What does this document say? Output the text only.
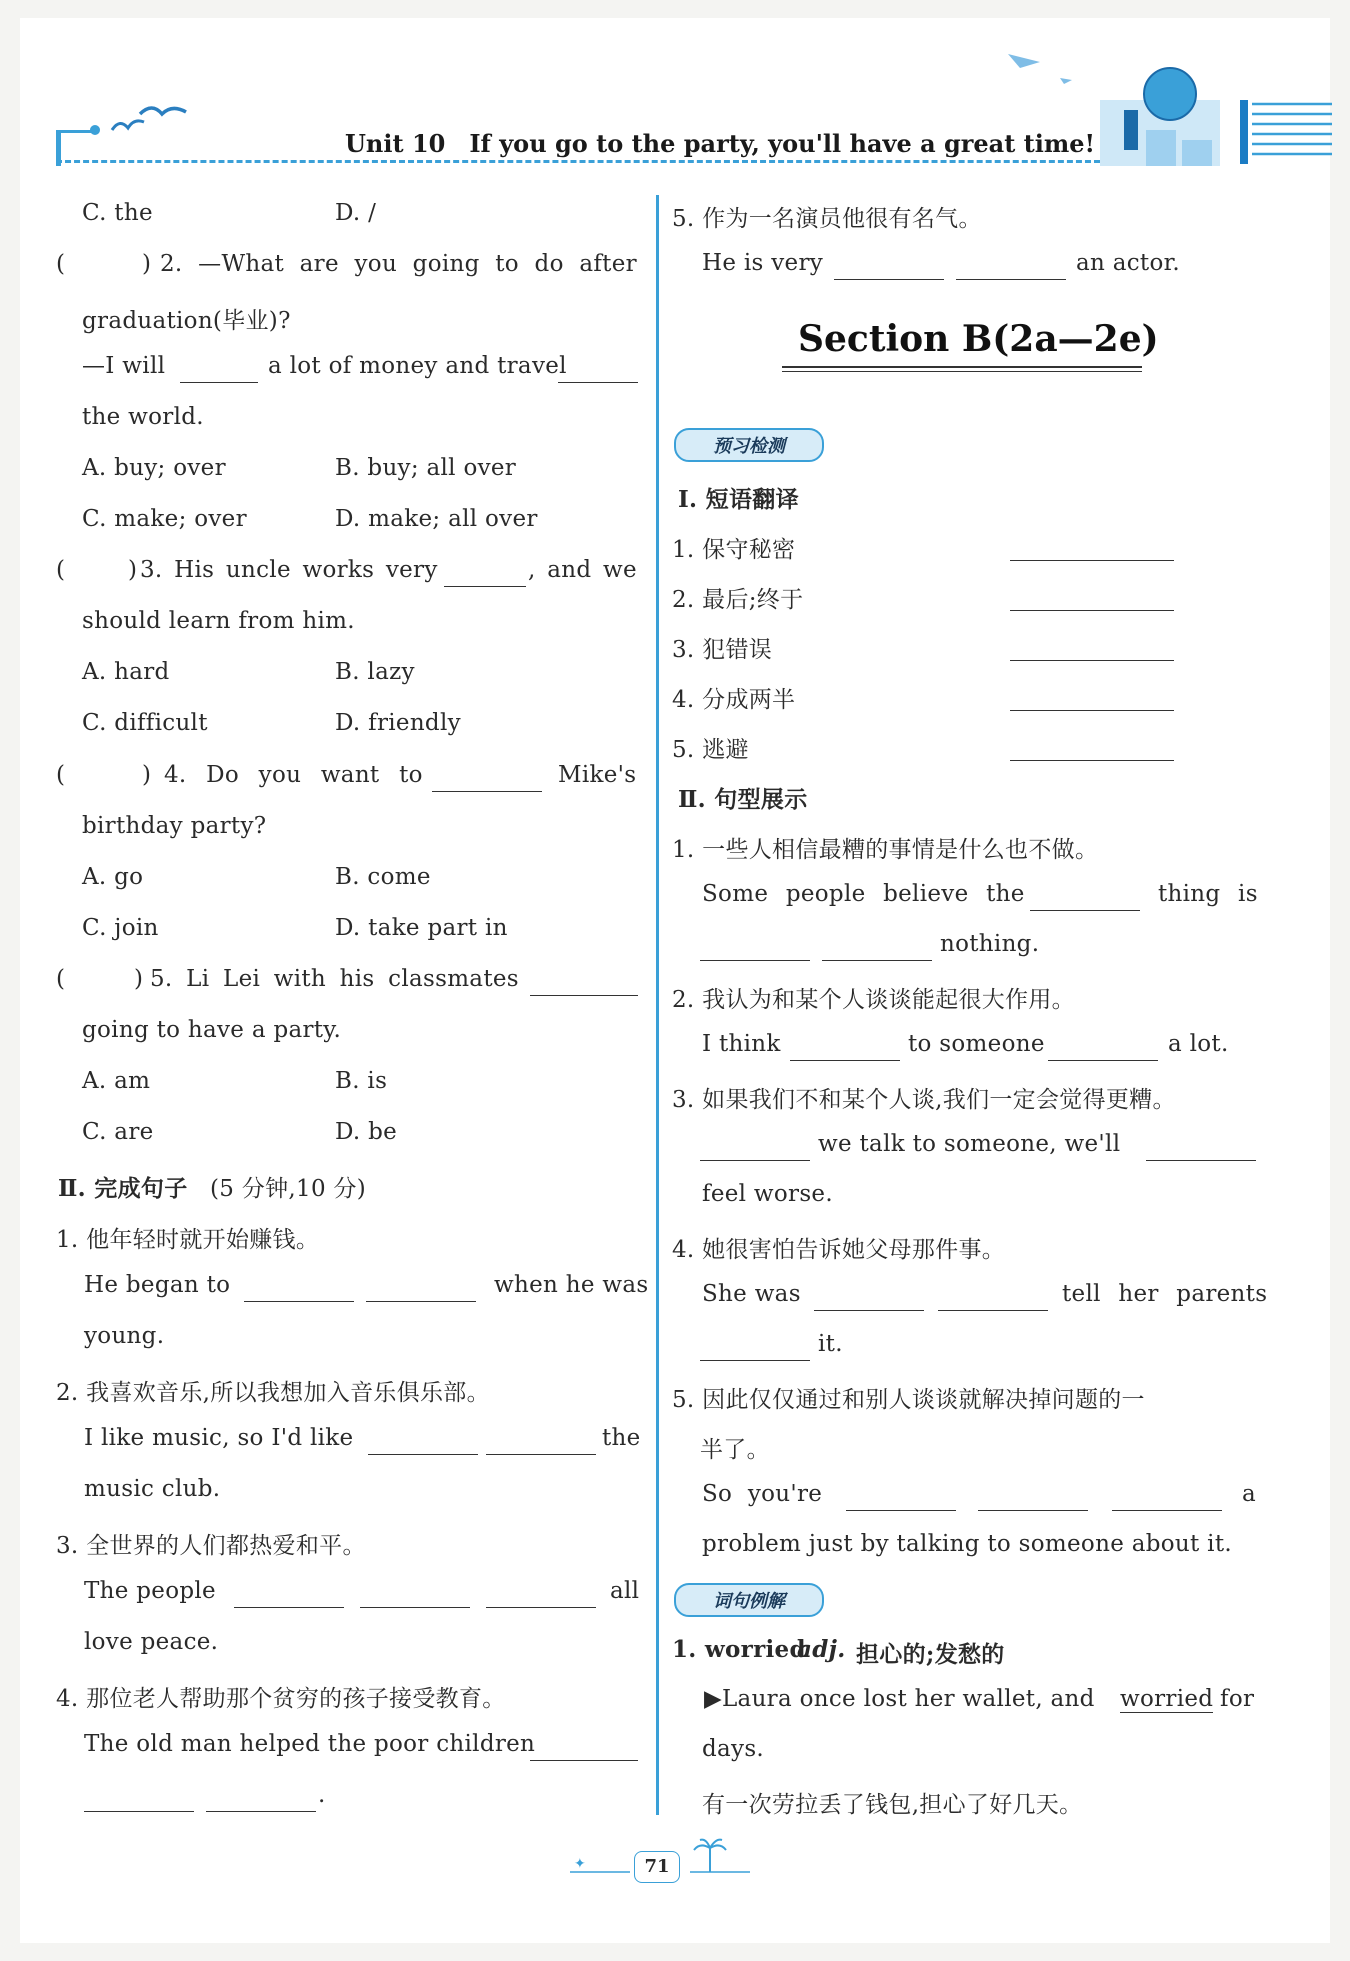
Unit 10　If you go to the party, you'll have a great time!
C. the	D. /
(	) 2. —What are you going to do after
graduation(毕业)?
—I will	a lot of money and travel
the world.
A. buy; over	B. buy; all over
C. make; over	D. make; all over
(	) 3. His uncle works very	, and we
should learn from him.
A. hard	B. lazy
C. difficult	D. friendly
(	) 4. Do you want to	Mike's
birthday party?
A. go	B. come
C. join	D. take part in
(	) 5. Li Lei with his classmates
going to have a party.
A. am	B. is
C. are	D. be
Ⅱ. 完成句子 (5 分钟,10 分)
1. 他年轻时就开始赚钱。
He began to	when he was
young.
2. 我喜欢音乐,所以我想加入音乐俱乐部。
I like music, so I'd like	the
music club.
3. 全世界的人们都热爱和平。
The people	all
love peace.
4. 那位老人帮助那个贫穷的孩子接受教育。
The old man helped the poor children
.
5. 作为一名演员他很有名气。
He is very	an actor.
Section B(2a—2e)
预习检测
Ⅰ. 短语翻译
1. 保守秘密
2. 最后;终于
3. 犯错误
4. 分成两半
5. 逃避
Ⅱ. 句型展示
1. 一些人相信最糟的事情是什么也不做。
Some people believe the	thing is
nothing.
2. 我认为和某个人谈谈能起很大作用。
I think	to someone	a lot.
3. 如果我们不和某个人谈,我们一定会觉得更糟。
we talk to someone, we'll
feel worse.
4. 她很害怕告诉她父母那件事。
She was	tell her parents
it.
5. 因此仅仅通过和别人谈谈就解决掉问题的一
半了。
So you're	a
problem just by talking to someone about it.
词句例解
1. worried
adj. 担心的;发愁的
▶Laura once lost her wallet, and worried for
days.
有一次劳拉丢了钱包,担心了好几天。
✦	71
